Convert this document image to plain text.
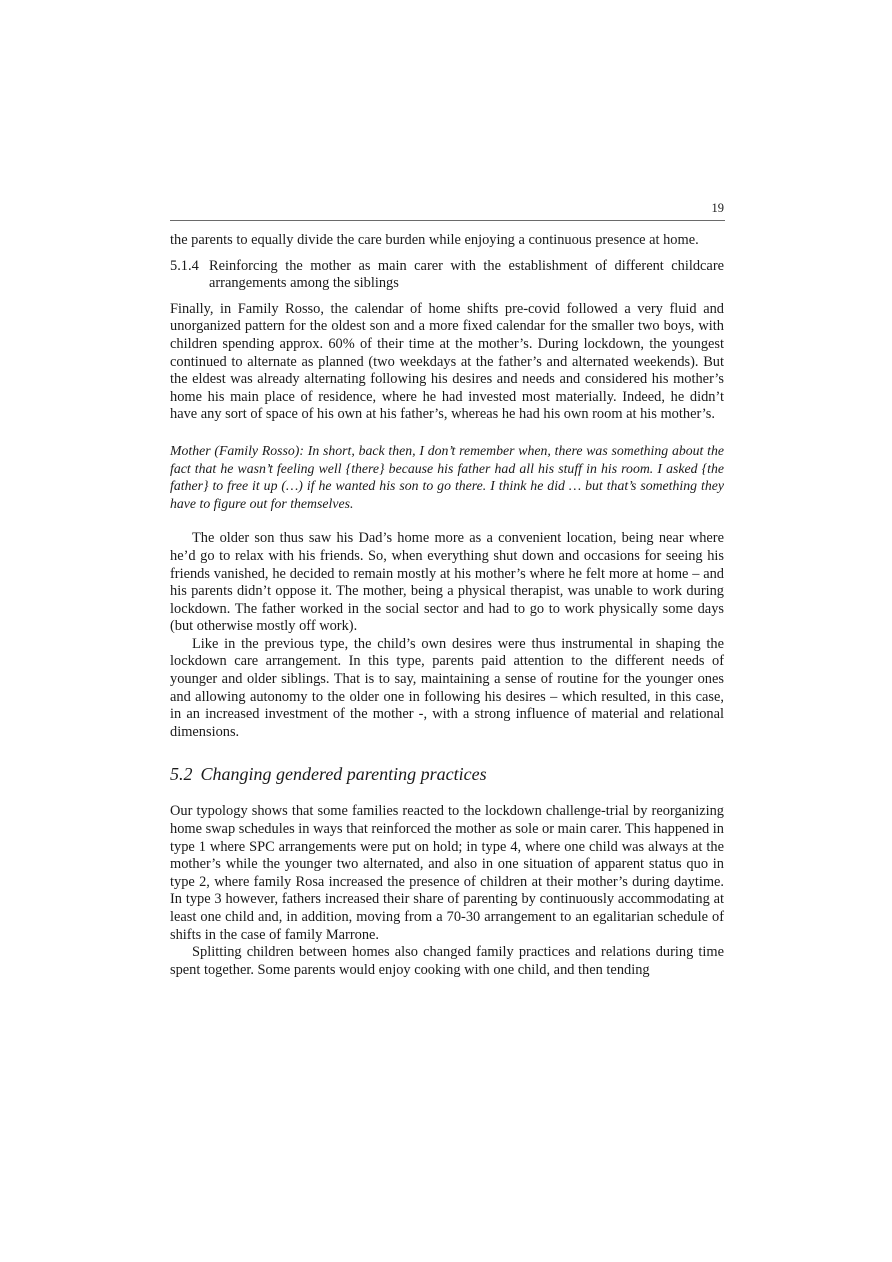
19

the parents to equally divide the care burden while enjoying a continuous presence at home.

5.1.4 Reinforcing the mother as main carer with the establishment of different childcare arrangements among the siblings

Finally, in Family Rosso, the calendar of home shifts pre-covid followed a very fluid and unorganized pattern for the oldest son and a more fixed calendar for the smaller two boys, with children spending approx. 60% of their time at the mother’s. During lockdown, the youngest continued to alternate as planned (two weekdays at the father’s and alternated weekends). But the eldest was already alternating following his desires and needs and considered his mother’s home his main place of residence, where he had invested most materially. Indeed, he didn’t have any sort of space of his own at his father’s, whereas he had his own room at his mother’s.

Mother (Family Rosso): In short, back then, I don’t remember when, there was something about the fact that he wasn’t feeling well {there} because his father had all his stuff in his room. I asked {the father} to free it up (…) if he wanted his son to go there. I think he did … but that’s something they have to figure out for themselves.

The older son thus saw his Dad’s home more as a convenient location, being near where he’d go to relax with his friends. So, when everything shut down and occasions for seeing his friends vanished, he decided to remain mostly at his mother’s where he felt more at home – and his parents didn’t oppose it. The mother, being a physical therapist, was unable to work during lockdown. The father worked in the social sector and had to go to work physically some days (but otherwise mostly off work).

Like in the previous type, the child’s own desires were thus instrumental in shaping the lockdown care arrangement. In this type, parents paid attention to the different needs of younger and older siblings. That is to say, maintaining a sense of routine for the younger ones and allowing autonomy to the older one in following his desires – which resulted, in this case, in an increased investment of the mother -, with a strong influence of material and relational dimensions.

5.2 Changing gendered parenting practices

Our typology shows that some families reacted to the lockdown challenge-trial by reorganizing home swap schedules in ways that reinforced the mother as sole or main carer. This happened in type 1 where SPC arrangements were put on hold; in type 4, where one child was always at the mother’s while the younger two alternated, and also in one situation of apparent status quo in type 2, where family Rosa increased the presence of children at their mother’s during daytime. In type 3 however, fathers increased their share of parenting by continuously accommodating at least one child and, in addition, moving from a 70-30 arrangement to an egalitarian schedule of shifts in the case of family Marrone.

Splitting children between homes also changed family practices and relations during time spent together. Some parents would enjoy cooking with one child, and then tending
